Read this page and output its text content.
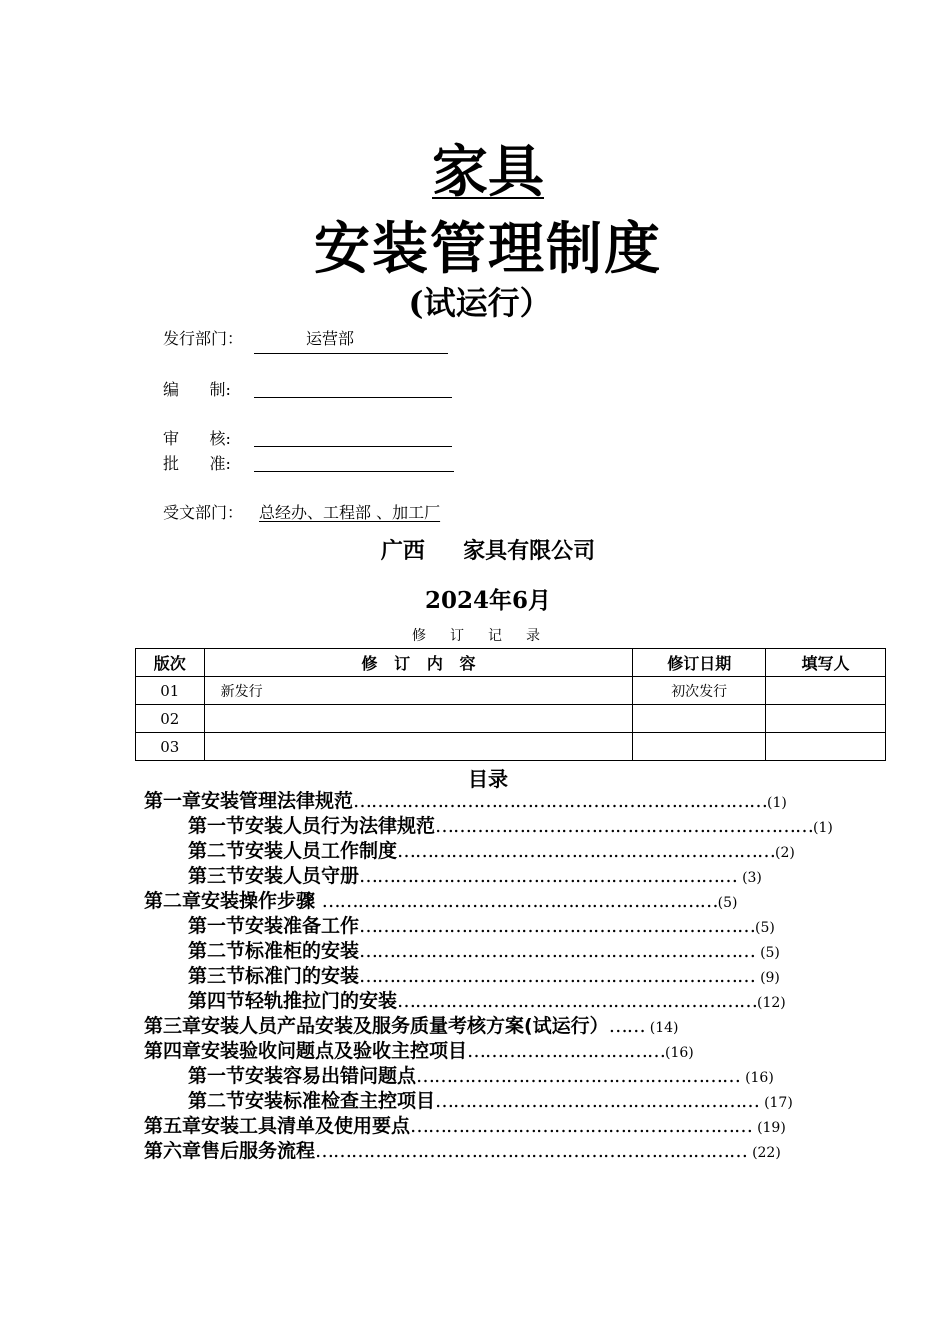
家具
安装管理制度
(试运行）
发行部门：	运营部
编      制:
审      核:
批      准:
受文部门： 总经办、工程部 、加工厂
广西     家具有限公司
2024年6月
修订记录
版次	修   订   内   容	修订日期	填写人
01	新发行	初次发行	
02			
03			
目录
第一章安装管理法律规范……………………………………………………………(1)
第一节安装人员行为法律规范………………………………………………………(1)
第二节安装人员工作制度………………………………………………………(2)
第三节安装人员守册……………………………………………………… (3)
第二章安装操作步骤 …………………………………………………………(5)
第一节安装准备工作…………………………………………………………(5)
第二节标准柜的安装………………………………………………………… (5)
第三节标准门的安装………………………………………………………… (9)
第四节轻轨推拉门的安装……………………………………………………(12)
第三章安装人员产品安装及服务质量考核方案(试运行）…… (14)
第四章安装验收问题点及验收主控项目……………………………(16)
第一节安装容易出错问题点……………………………………………… (16)
第二节安装标准检查主控项目……………………………………………… (17)
第五章安装工具清单及使用要点………………………………………………… (19)
第六章售后服务流程……………………………………………………………… (22)
